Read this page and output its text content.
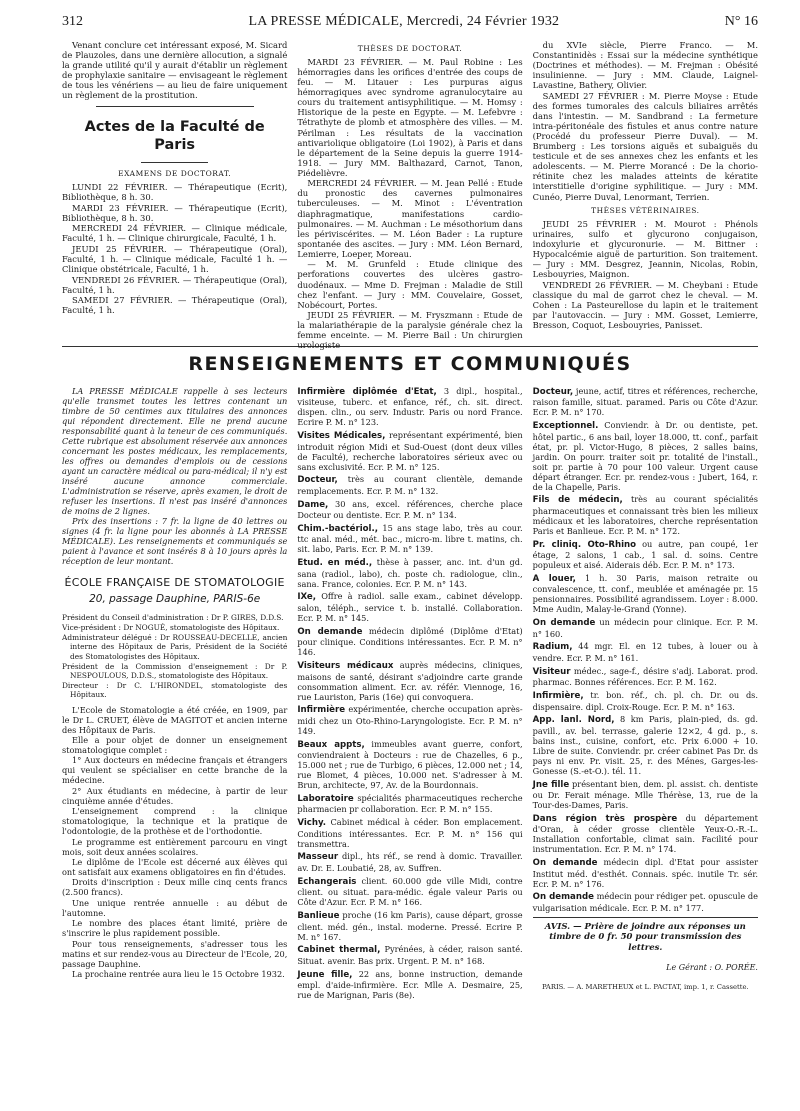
312	LA PRESSE MÉDICALE, Mercredi, 24 Février 1932	N° 16

Venant conclure cet intéressant exposé, M. Sicard de Plauzoles, dans une dernière allocution, a signalé la grande utilité qu'il y aurait d'établir un règlement de prophylaxie sanitaire — envisageant le règlement de tous les vénériens — au lieu de faire uniquement un règlement de la prostitution.

Actes de la Faculté de Paris
EXAMENS DE DOCTORAT.

LUNDI 22 FÉVRIER. — Thérapeutique (Ecrit), Bibliothèque, 8 h. 30.

MARDI 23 FÉVRIER. — Thérapeutique (Ecrit), Bibliothèque, 8 h. 30.

MERCREDI 24 FÉVRIER. — Clinique médicale, Faculté, 1 h. — Clinique chirurgicale, Faculté, 1 h.

JEUDI 25 FÉVRIER. — Thérapeutique (Oral), Faculté, 1 h. — Clinique médicale, Faculté 1 h. — Clinique obstétricale, Faculté, 1 h.

VENDREDI 26 FÉVRIER. — Thérapeutique (Oral), Faculté, 1 h.

SAMEDI 27 FÉVRIER. — Thérapeutique (Oral), Faculté, 1 h.

THÈSES DE DOCTORAT.

MARDI 23 FÉVRIER. — M. Paul Robine : Les hémorragies dans les orifices d'entrée des coups de feu. — M. Litauer : Les purpuras aigus hémorragiques avec syndrome agranulocytaire au cours du traitement antisyphilitique. — M. Homsy : Historique de la peste en Egypte. — M. Lefebvre : Tétrathyte de plomb et atmosphère des villes. — M. Périlman : Les résultats de la vaccination antivariolique obligatoire (Loi 1902), à Paris et dans le département de la Seine depuis la guerre 1914-1918. — Jury MM. Balthazard, Carnot, Tanon, Piédelièvre.

MERCREDI 24 FÉVRIER. — M. Jean Pellé : Etude du pronostic des cavernes pulmonaires tuberculeuses. — M. Minot : L'éventration diaphragmatique, manifestations cardio-pulmonaires. — M. Auchman : Le mésothorium dans les périviscérites. — M. Léon Bader : La rupture spontanée des ascites. — Jury : MM. Léon Bernard, Lemierre, Loeper, Moreau.

— M. M. Grunfeld : Etude clinique des perforations couvertes des ulcères gastro-duodénaux. — Mme D. Frejman : Maladie de Still chez l'enfant. — Jury : MM. Couvelaire, Gosset, Nobécourt, Portes.

JEUDI 25 FÉVRIER. — M. Fryszmann : Etude de la malariathérapie de la paralysie générale chez la femme enceinte. — M. Pierre Bail : Un chirurgien urologiste

du XVIe siècle, Pierre Franco. — M. Constantinidès : Essai sur la médecine synthétique (Doctrines et méthodes). — M. Frejman : Obésité insulinienne. — Jury : MM. Claude, Laignel-Lavastine, Bathery, Olivier.

SAMEDI 27 FÉVRIER : M. Pierre Moyse : Etude des formes tumorales des calculs biliaires arrêtés dans l'intestin. — M. Sandbrand : La fermeture intra-péritonéale des fistules et anus contre nature (Procédé du professeur Pierre Duval). — M. Brumberg : Les torsions aiguës et subaiguës du testicule et de ses annexes chez les enfants et les adolescents. — M. Pierre Morancé : De la chorio-rétinite chez les malades atteints de kératite interstitielle d'origine syphilitique. — Jury : MM. Cunéo, Pierre Duval, Lenormant, Terrien.

THÈSES VÉTÉRINAIRES.

JEUDI 25 FÉVRIER : M. Mourot : Phénols urinaires, sulfo et glycurono conjugaison, indoxylurie et glycuronurie. — M. Bittner : Hypocalcémie aiguë de parturition. Son traitement. — Jury : MM. Desgrez, Jeannin, Nicolas, Robin, Lesbouyries, Maignon.

VENDREDI 26 FÉVRIER. — M. Cheybani : Etude classique du mal de garrot chez le cheval. — M. Cohen : La Pasteurellose du lapin et le traitement par l'autovaccin. — Jury : MM. Gosset, Lemierre, Bresson, Coquot, Lesbouyries, Panisset.

RENSEIGNEMENTS ET COMMUNIQUÉS

LA PRESSE MÉDICALE rappelle à ses lecteurs qu'elle transmet toutes les lettres contenant un timbre de 50 centimes aux titulaires des annonces qui répondent directement. Elle ne prend aucune responsabilité quant à la teneur de ces communiqués. Cette rubrique est absolument réservée aux annonces concernant les postes médicaux, les remplacements, les offres ou demandes d'emplois ou de cessions ayant un caractère médical ou para-médical; il n'y est inséré aucune annonce commerciale. L'administration se réserve, après examen, le droit de refuser les insertions. Il n'est pas inséré d'annonces de moins de 2 lignes.

Prix des insertions : 7 fr. la ligne de 40 lettres ou signes (4 fr. la ligne pour les abonnés à LA PRESSE MÉDICALE). Les renseignements et communiqués se paient à l'avance et sont insérés 8 à 10 jours après la réception de leur montant.

ÉCOLE FRANÇAISE DE STOMATOLOGIE
20, passage Dauphine, PARIS-6e

Président du Conseil d'administration : Dr P. GIRES, D.D.S.

Vice-président : Dr NOGUÉ, stomatologiste des Hôpitaux.

Administrateur délégué : Dr ROUSSEAU-DECELLE, ancien interne des Hôpitaux de Paris, Président de la Société des Stomatologistes des Hôpitaux.

Président de la Commission d'enseignement : Dr P. NESPOULOUS, D.D.S., stomatologiste des Hôpitaux.

Directeur : Dr C. L'HIRONDEL, stomatologiste des Hôpitaux.

L'Ecole de Stomatologie a été créée, en 1909, par le Dr L. CRUET, élève de MAGITOT et ancien interne des Hôpitaux de Paris.

Elle a pour objet de donner un enseignement stomatologique complet :

1° Aux docteurs en médecine français et étrangers qui veulent se spécialiser en cette branche de la médecine.

2° Aux étudiants en médecine, à partir de leur cinquième année d'études.

L'enseignement comprend : la clinique stomatologique, la technique et la pratique de l'odontologie, de la prothèse et de l'orthodontie.

Le programme est entièrement parcouru en vingt mois, soit deux années scolaires.

Le diplôme de l'Ecole est décerné aux élèves qui ont satisfait aux examens obligatoires en fin d'études.

Droits d'inscription : Deux mille cinq cents francs (2.500 francs).

Une unique rentrée annuelle : au début de l'automne.

Le nombre des places étant limité, prière de s'inscrire le plus rapidement possible.

Pour tous renseignements, s'adresser tous les matins et sur rendez-vous au Directeur de l'Ecole, 20, passage Dauphine.

La prochaine rentrée aura lieu le 15 Octobre 1932.

Infirmière diplômée d'Etat, 3 dipl., hospital., visiteuse, tuberc. et enfance, réf., ch. sit. direct. dispen. clin., ou serv. Industr. Paris ou nord France. Ecrire P. M. n° 123.
Visites Médicales, représentant expérimenté, bien introduit région Midi et Sud-Ouest (dont deux villes de Faculté), recherche laboratoires sérieux avec ou sans exclusivité. Ecr. P. M. n° 125.
Docteur, très au courant clientèle, demande remplacements. Ecr. P. M. n° 132.
Dame, 30 ans, excel. références, cherche place Docteur ou dentiste. Ecr. P. M. n° 134.
Chim.-bactériol., 15 ans stage labo, très au cour. ttc anal. méd., mét. bac., micro-m. libre t. matins, ch. sit. labo, Paris. Ecr. P. M. n° 139.
Etud. en méd., thèse à passer, anc. int. d'un gd. sana (radiol., labo), ch. poste ch. radiologue, clin., sana. France, colonies. Ecr. P. M. n° 143.
IXe, Offre à radiol. salle exam., cabinet développ. salon, téléph., service t. b. installé. Collaboration. Ecr. P. M. n° 145.
On demande médecin diplômé (Diplôme d'Etat) pour clinique. Conditions intéressantes. Ecr. P. M. n° 146.
Visiteurs médicaux auprès médecins, cliniques, maisons de santé, désirant s'adjoindre carte grande consommation aliment. Ecr. av. référ. Viennoge, 16, rue Lauriston, Paris (16e) qui convoquera.
Infirmière expérimentée, cherche occupation après-midi chez un Oto-Rhino-Laryngologiste. Ecr. P. M. n° 149.
Beaux appts, immeubles avant guerre, confort, conviendraient à Docteurs : rue de Chazelles, 6 p., 15.000 net ; rue de Turbigo, 6 pièces, 12.000 net ; 14, rue Blomet, 4 pièces, 10.000 net. S'adresser à M. Brun, architecte, 97, Av. de la Bourdonnais.
Laboratoire spécialités pharmaceutiques recherche pharmacien pr collaboration. Ecr. P. M. n° 155.
Vichy. Cabinet médical à céder. Bon emplacement. Conditions intéressantes. Ecr. P. M. n° 156 qui transmettra.
Masseur dipl., hts réf., se rend à domic. Travailler. av. Dr. E. Loubatié, 28, av. Suffren.
Echangerais client. 60.000 gde ville Midi, contre client. ou situat. para-médic. égale valeur Paris ou Côte d'Azur. Ecr. P. M. n° 166.
Banlieue proche (16 km Paris), cause départ, grosse client. méd. gén., instal. moderne. Pressé. Ecrire P. M. n° 167.
Cabinet thermal, Pyrénées, à céder, raison santé. Situat. avenir. Bas prix. Urgent. P. M. n° 168.
Jeune fille, 22 ans, bonne instruction, demande empl. d'aide-infirmière. Ecr. Mlle A. Desmaire, 25, rue de Marignan, Paris (8e).
Docteur, jeune, actif, titres et références, recherche, raison famille, situat. paramed. Paris ou Côte d'Azur. Ecr. P. M. n° 170.
Exceptionnel. Conviendr. à Dr. ou dentiste, pet. hôtel partic., 6 ans bail, loyer 18.000, tt. conf., parfait état, pr. pl. Victor-Hugo, 8 pièces, 2 salles bains, jardin. On pourr. traiter soit pr. totalité de l'install., soit pr. partie à 70 pour 100 valeur. Urgent cause départ étranger. Ecr. pr. rendez-vous : Jubert, 164, r. de la Chapelle, Paris.
Fils de médecin, très au courant spécialités pharmaceutiques et connaissant très bien les milieux médicaux et les laboratoires, cherche représentation Paris et Banlieue. Ecr. P. M. n° 172.
Pr. cliniq. Oto-Rhino ou autre, pan coupé, 1er étage, 2 salons, 1 cab., 1 sal. d. soins. Centre populeux et aisé. Aiderais déb. Ecr. P. M. n° 173.
A louer, 1 h. 30 Paris, maison retraite ou convalescence, tt. conf., meublée et aménagée pr. 15 pensionnaires. Possibilité agrandissem. Loyer : 8.000. Mme Audin, Malay-le-Grand (Yonne).
On demande un médecin pour clinique. Ecr. P. M. n° 160.
Radium, 44 mgr. El. en 12 tubes, à louer ou à vendre. Ecr. P. M. n° 161.
Visiteur médec., sage-f., désire s'adj. Laborat. prod. pharmac. Bonnes références. Ecr. P. M. 162.
Infirmière, tr. bon. réf., ch. pl. ch. Dr. ou ds. dispensaire. dipl. Croix-Rouge. Ecr. P. M. n° 163.
App. lanl. Nord, 8 km Paris, plain-pied, ds. gd. pavill., av. bel. terrasse, galerie 12×2, 4 gd. p., s. bains inst., cuisine, confort, etc. Prix 6.000 + 10. Libre de suite. Conviendr. pr. créer cabinet Pas Dr. ds pays ni env. Pr. visit. 25, r. des Ménes, Garges-les-Gonesse (S.-et-O.). tél. 11.
Jne fille présentant bien, dem. pl. assist. ch. dentiste ou Dr. Ferait ménage. Mlle Thérèse, 13, rue de la Tour-des-Dames, Paris.
Dans région très prospère du département d'Oran, à céder grosse clientèle Yeux-O.-R.-L. Installation confortable, climat sain. Facilité pour instrumentation. Ecr. P. M. n° 174.
On demande médecin dipl. d'Etat pour assister Institut méd. d'esthét. Connais. spéc. inutile Tr. sér. Ecr. P. M. n° 176.
On demande médecin pour rédiger pet. opuscule de vulgarisation médicale. Ecr. P. M. n° 177.
AVIS. — Prière de joindre aux réponses un timbre de 0 fr. 50 pour transmission des lettres.
Le Gérant : O. PORÉE.
PARIS. — A. MARETHEUX et L. PACTAT, imp. 1, r. Cassette.
